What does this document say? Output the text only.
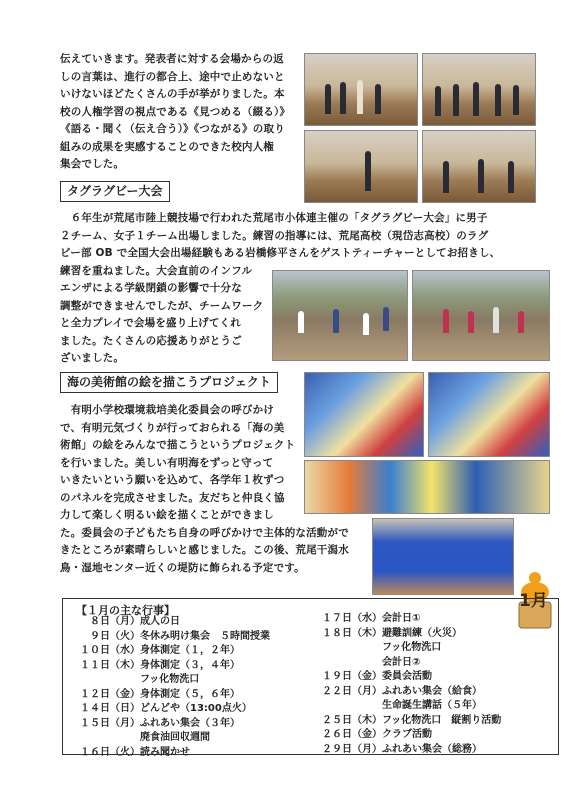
伝えていきます。発表者に対する会場からの返

しの言葉は、進行の都合上、途中で止めないと

いけないほどたくさんの手が挙がりました。本

校の人権学習の視点である《見つめる（綴る）》

《語る・聞く（伝え合う）》《つながる》の取り

組みの成果を実感することのできた校内人権

集会でした。

タグラグビー大会

　６年生が荒尾市陸上競技場で行われた荒尾市小体連主催の「タグラグビー大会」に男子

２チーム、女子１チーム出場しました。練習の指導には、荒尾高校（現岱志高校）のラグ

ビー部 OB で全国大会出場経験もある岩橋修平さんをゲストティーチャーとしてお招きし、

練習を重ねました。大会直前のインフル

エンザによる学級閉鎖の影響で十分な

調整ができませんでしたが、チームワーク

と全力プレイで会場を盛り上げてくれ

ました。たくさんの応援ありがとうご

ざいました。

海の美術館の絵を描こうプロジェクト

　有明小学校環境栽培美化委員会の呼びかけ

で、有明元気づくりが行っておられる「海の美

術館」の絵をみんなで描こうというプロジェクト

を行いました。美しい有明海をずっと守って

いきたいという願いを込めて、各学年１枚ずつ

のパネルを完成させました。友だちと仲良く協

力して楽しく明るい絵を描くことができまし

た。委員会の子どもたち自身の呼びかけで主体的な活動がで

きたところが素晴らしいと感じました。この後、荒尾干潟水

鳥・湿地センター近くの堤防に飾られる予定です。

1月
【１月の主な行事】
　８日（月）成人の日
　９日（火）冬休み明け集会　５時間授業
１０日（水）身体測定（１，２年）
１１日（木）身体測定（３，４年）
　　　　　　フッ化物洗口
１２日（金）身体測定（５，６年）
１４日（日）どんどや（13:00点火）
１５日（月）ふれあい集会（３年）
　　　　　　廃食油回収週間
１６日（火）読み聞かせ
１７日（水）会計日①
１８日（木）避難訓練（火災）
　　　　　　フッ化物洗口
　　　　　　会計日②
１９日（金）委員会活動
２２日（月）ふれあい集会（給食）
　　　　　　生命誕生講話（５年）
２５日（木）フッ化物洗口　縦割り活動
２６日（金）クラブ活動
２９日（月）ふれあい集会（総務）
